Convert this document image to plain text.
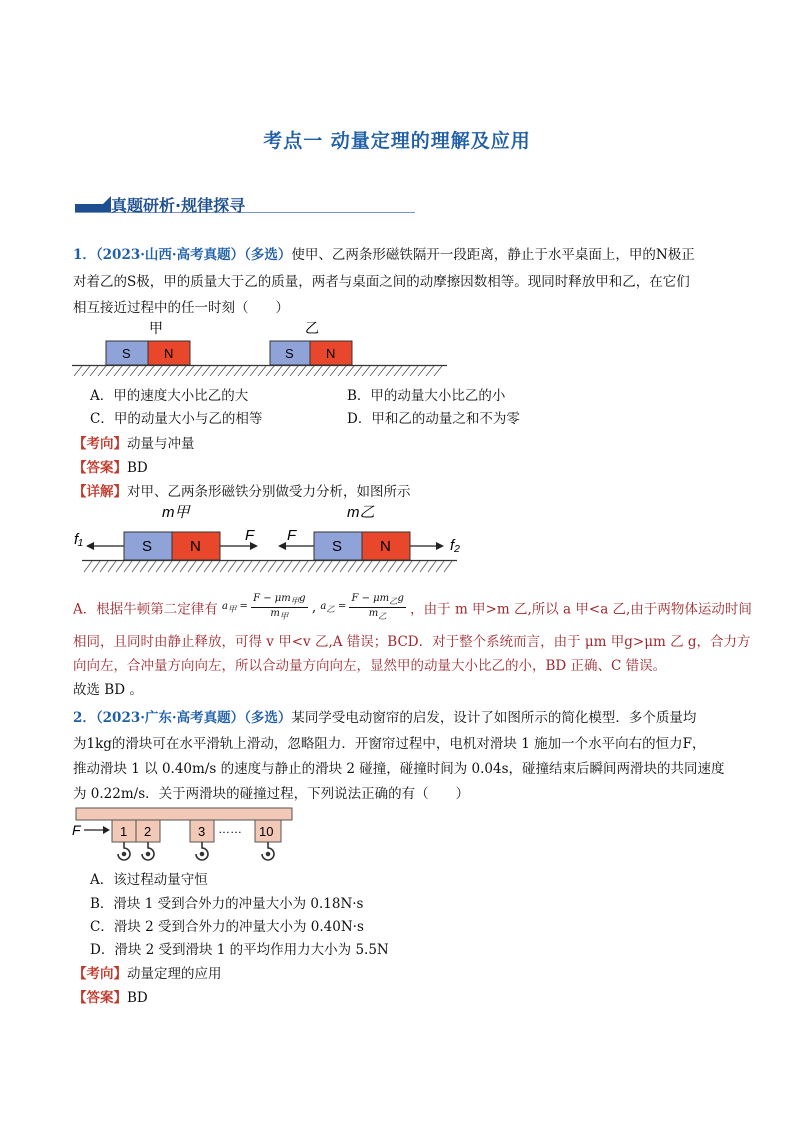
考点一 动量定理的理解及应用
真题研析·规律探寻
1．（2023·山西·高考真题）（多选）使甲、乙两条形磁铁隔开一段距离，静止于水平桌面上，甲的N极正
对着乙的S极，甲的质量大于乙的质量，两者与桌面之间的动摩擦因数相等。现同时释放甲和乙，在它们
相互接近过程中的任一时刻（　　）
甲	乙
S	N	S N
A．甲的速度大小比乙的大	B．甲的动量大小比乙的小
C．甲的动量大小与乙的相等	D．甲和乙的动量之和不为零
【考向】动量与冲量
【答案】BD
【详解】对甲、乙两条形磁铁分别做受力分析，如图所示
m甲	m乙
f₁	F F
f₂
S	N	S	N
A．根据牛顿第二定律有 $a_甲$ =
$F - \mu m_甲g$
$m_甲$
, $a_乙$ =
$F - \mu m_乙g$
$m_乙$	，由于 m 甲>m 乙,所以 a 甲<a 乙,由于两物体运动时间
相同，且同时由静止释放，可得 v 甲<v 乙,A 错误；BCD．对于整个系统而言，由于 μm 甲g>μm 乙 g，合力方
向向左，合冲量方向向左，所以合动量方向向左，显然甲的动量大小比乙的小，BD 正确、C 错误。
故选 BD 。
2．（2023·广东·高考真题）（多选）某同学受电动窗帘的启发，设计了如图所示的简化模型．多个质量均
为1kg的滑块可在水平滑轨上滑动，忽略阻力．开窗帘过程中，电机对滑块 1 施加一个水平向右的恒力F，
推动滑块 1 以 0.40m/s 的速度与静止的滑块 2 碰撞，碰撞时间为 0.04s，碰撞结束后瞬间两滑块的共同速度
为 0.22m/s．关于两滑块的碰撞过程，下列说法正确的有（　　）
F	1 2	3 …… 10
A．该过程动量守恒
B．滑块 1 受到合外力的冲量大小为 0.18N·s
C．滑块 2 受到合外力的冲量大小为 0.40N·s
D．滑块 2 受到滑块 1 的平均作用力大小为 5.5N
【考向】动量定理的应用
【答案】BD
